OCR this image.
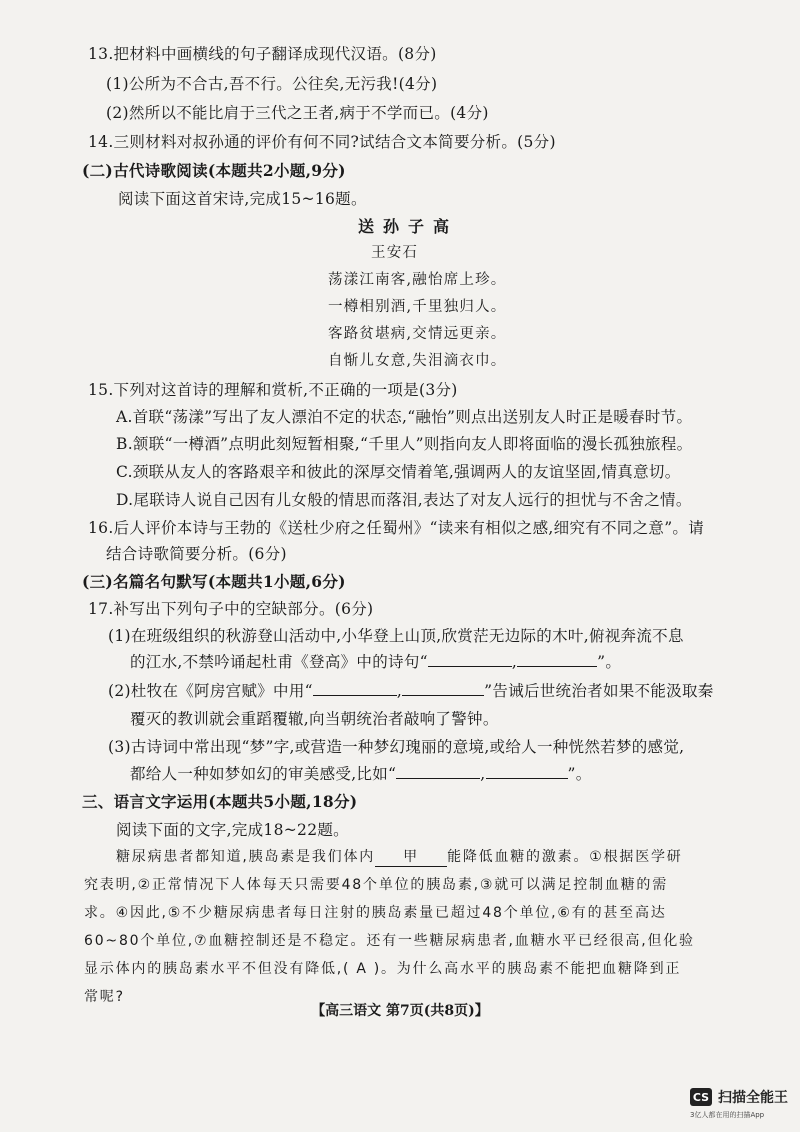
13.把材料中画横线的句子翻译成现代汉语。(8分)
(1)公所为不合古,吾不行。公往矣,无污我!(4分)
(2)然所以不能比肩于三代之王者,病于不学而已。(4分)
14.三则材料对叔孙通的评价有何不同?试结合文本简要分析。(5分)
(二)古代诗歌阅读(本题共2小题,9分)
阅读下面这首宋诗,完成15~16题。
送孙子高
王安石
荡漾江南客,融怡席上珍。
一樽相别酒,千里独归人。
客路贫堪病,交情远更亲。
自惭儿女意,失泪滴衣巾。
15.下列对这首诗的理解和赏析,不正确的一项是(3分)
A.首联“荡漾”写出了友人漂泊不定的状态,“融怡”则点出送别友人时正是暖春时节。
B.颔联“一樽酒”点明此刻短暂相聚,“千里人”则指向友人即将面临的漫长孤独旅程。
C.颈联从友人的客路艰辛和彼此的深厚交情着笔,强调两人的友谊坚固,情真意切。
D.尾联诗人说自己因有儿女般的情思而落泪,表达了对友人远行的担忧与不舍之情。
16.后人评价本诗与王勃的《送杜少府之任蜀州》“读来有相似之感,细究有不同之意”。请
结合诗歌简要分析。(6分)
(三)名篇名句默写(本题共1小题,6分)
17.补写出下列句子中的空缺部分。(6分)
(1)在班级组织的秋游登山活动中,小华登上山顶,欣赏茫无边际的木叶,俯视奔流不息
的江水,不禁吟诵起杜甫《登高》中的诗句“	,	”。
(2)杜牧在《阿房宫赋》中用“	,	”告诫后世统治者如果不能汲取秦
覆灭的教训就会重蹈覆辙,向当朝统治者敲响了警钟。
(3)古诗词中常出现“梦”字,或营造一种梦幻瑰丽的意境,或给人一种恍然若梦的感觉,
都给人一种如梦如幻的审美感受,比如“	,	”。
三、语言文字运用(本题共5小题,18分)
阅读下面的文字,完成18~22题。
糖尿病患者都知道,胰岛素是我们体内 甲 能降低血糖的激素。①根据医学研
究表明,②正常情况下人体每天只需要48个单位的胰岛素,③就可以满足控制血糖的需
求。④因此,⑤不少糖尿病患者每日注射的胰岛素量已超过48个单位,⑥有的甚至高达
60~80个单位,⑦血糖控制还是不稳定。还有一些糖尿病患者,血糖水平已经很高,但化验
显示体内的胰岛素水平不但没有降低,( A )。为什么高水平的胰岛素不能把血糖降到正
常呢?
【高三语文 第7页(共8页)】
CS 扫描全能王
3亿人都在用的扫描App
